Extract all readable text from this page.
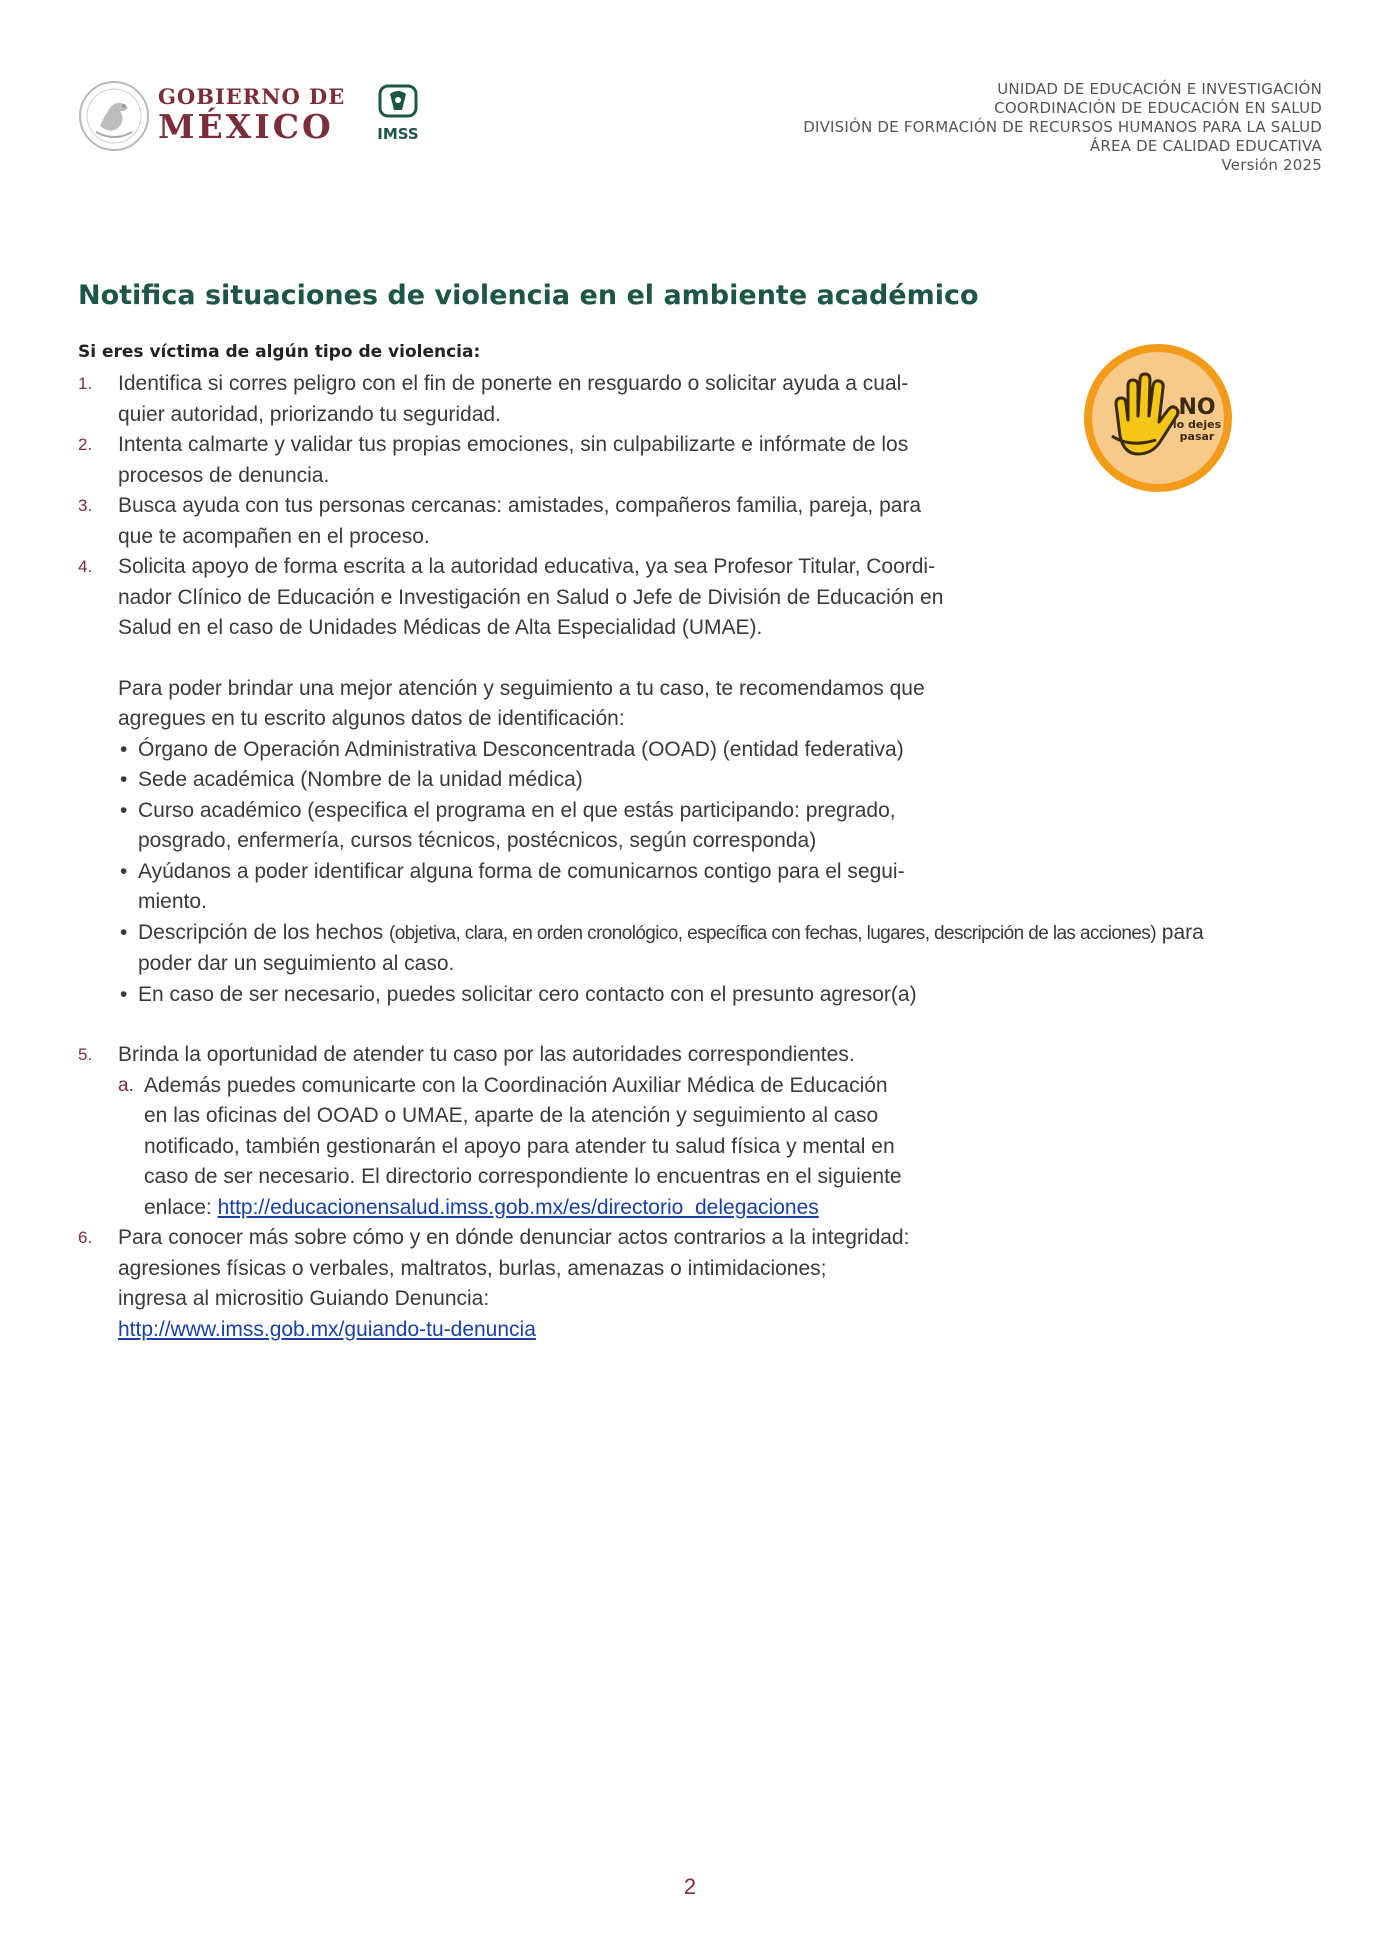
GOBIERNO DE
MÉXICO	IMSS
UNIDAD DE EDUCACIÓN E INVESTIGACIÓN
COORDINACIÓN DE EDUCACIÓN EN SALUD
DIVISIÓN DE FORMACIÓN DE RECURSOS HUMANOS PARA LA SALUD
ÁREA DE CALIDAD EDUCATIVA
Versión 2025
Notifica situaciones de violencia en el ambiente académico
Si eres víctima de algún tipo de violencia:
NO
lo dejes
pasar
1. Identifica si corres peligro con el fin de ponerte en resguardo o solicitar ayuda a cual-
quier autoridad, priorizando tu seguridad.
2. Intenta calmarte y validar tus propias emociones, sin culpabilizarte e infórmate de los
procesos de denuncia.
3. Busca ayuda con tus personas cercanas: amistades, compañeros familia, pareja, para
que te acompañen en el proceso.
4. Solicita apoyo de forma escrita a la autoridad educativa, ya sea Profesor Titular, Coordi-
nador Clínico de Educación e Investigación en Salud o Jefe de División de Educación en
Salud en el caso de Unidades Médicas de Alta Especialidad (UMAE).
Para poder brindar una mejor atención y seguimiento a tu caso, te recomendamos que
agregues en tu escrito algunos datos de identificación:
• Órgano de Operación Administrativa Desconcentrada (OOAD) (entidad federativa)
• Sede académica (Nombre de la unidad médica)
• Curso académico (especifica el programa en el que estás participando: pregrado,
posgrado, enfermería, cursos técnicos, postécnicos, según corresponda)
• Ayúdanos a poder identificar alguna forma de comunicarnos contigo para el segui-
miento.
• Descripción de los hechos (objetiva, clara, en orden cronológico, específica con fechas, lugares, descripción de las acciones) para
poder dar un seguimiento al caso.
• En caso de ser necesario, puedes solicitar cero contacto con el presunto agresor(a)
5. Brinda la oportunidad de atender tu caso por las autoridades correspondientes.
a. Además puedes comunicarte con la Coordinación Auxiliar Médica de Educación
en las oficinas del OOAD o UMAE, aparte de la atención y seguimiento al caso
notificado, también gestionarán el apoyo para atender tu salud física y mental en
caso de ser necesario. El directorio correspondiente lo encuentras en el siguiente
enlace: http://educacionensalud.imss.gob.mx/es/directorio_delegaciones
6. Para conocer más sobre cómo y en dónde denunciar actos contrarios a la integridad:
agresiones físicas o verbales, maltratos, burlas, amenazas o intimidaciones;
ingresa al micrositio Guiando Denuncia:
http://www.imss.gob.mx/guiando-tu-denuncia
2
